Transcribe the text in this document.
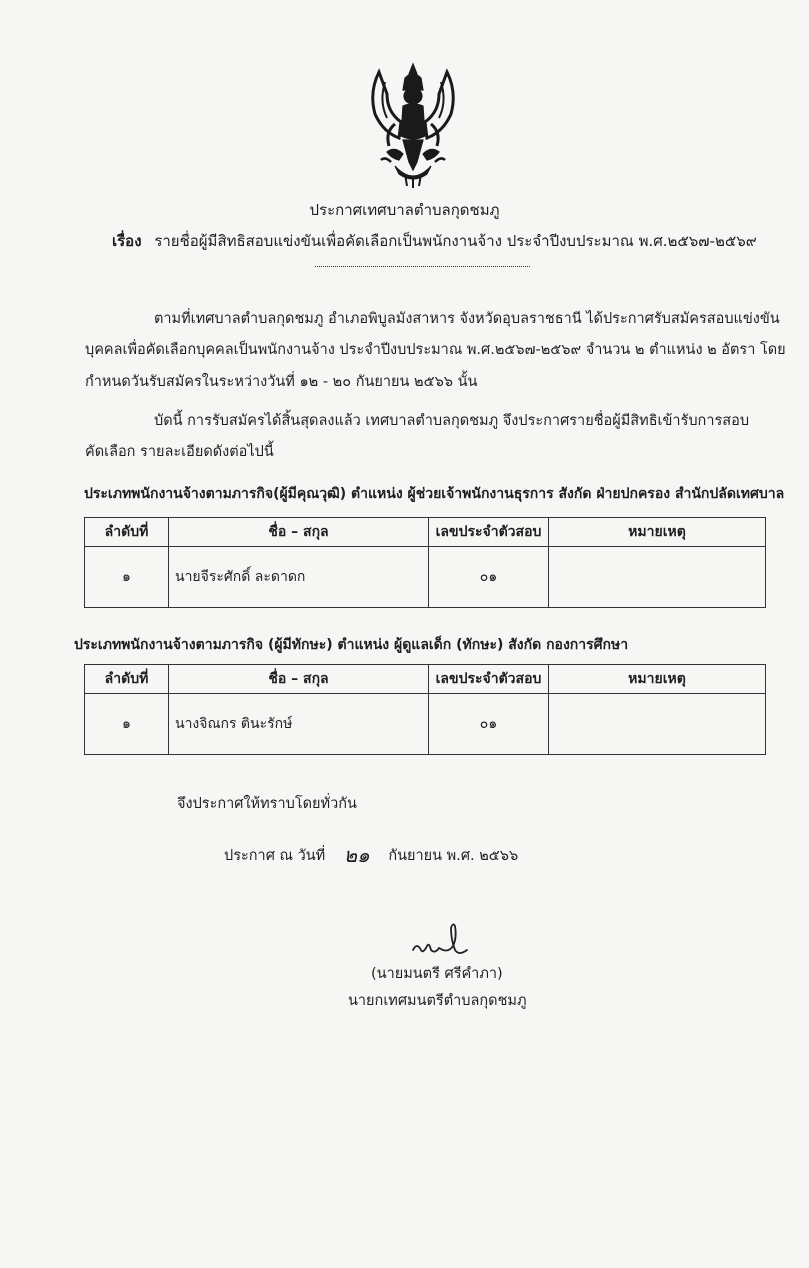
ประกาศเทศบาลตำบลกุดชมภู
เรื่อง รายชื่อผู้มีสิทธิสอบแข่งขันเพื่อคัดเลือกเป็นพนักงานจ้าง ประจำปีงบประมาณ พ.ศ.๒๕๖๗-๒๕๖๙
ตามที่เทศบาลตำบลกุดชมภู อำเภอพิบูลมังสาหาร จังหวัดอุบลราชธานี ได้ประกาศรับสมัครสอบแข่งขัน
บุคคลเพื่อคัดเลือกบุคคลเป็นพนักงานจ้าง ประจำปีงบประมาณ พ.ศ.๒๕๖๗-๒๕๖๙ จำนวน ๒ ตำแหน่ง ๒ อัตรา โดย
กำหนดวันรับสมัครในระหว่างวันที่ ๑๒ - ๒๐ กันยายน ๒๕๖๖ นั้น
บัดนี้ การรับสมัครได้สิ้นสุดลงแล้ว เทศบาลตำบลกุดชมภู จึงประกาศรายชื่อผู้มีสิทธิเข้ารับการสอบ
คัดเลือก รายละเอียดดังต่อไปนี้
ประเภทพนักงานจ้างตามภารกิจ(ผู้มีคุณวุฒิ) ตำแหน่ง ผู้ช่วยเจ้าพนักงานธุรการ สังกัด ฝ่ายปกครอง สำนักปลัดเทศบาล
ลำดับที่	ชื่อ – สกุล	เลขประจำตัวสอบ	หมายเหตุ
๑	นายจีระศักดิ์ ละดาดก	๐๑	
ประเภทพนักงานจ้างตามภารกิจ (ผู้มีทักษะ) ตำแหน่ง ผู้ดูแลเด็ก (ทักษะ) สังกัด กองการศึกษา
ลำดับที่	ชื่อ – สกุล	เลขประจำตัวสอบ	หมายเหตุ
๑	นางจิณกร ตินะรักษ์	๐๑	
จึงประกาศให้ทราบโดยทั่วกัน
ประกาศ ณ วันที่ ๒๑ กันยายน พ.ศ. ๒๕๖๖
(นายมนตรี ศรีคำภา)
นายกเทศมนตรีตำบลกุดชมภู
